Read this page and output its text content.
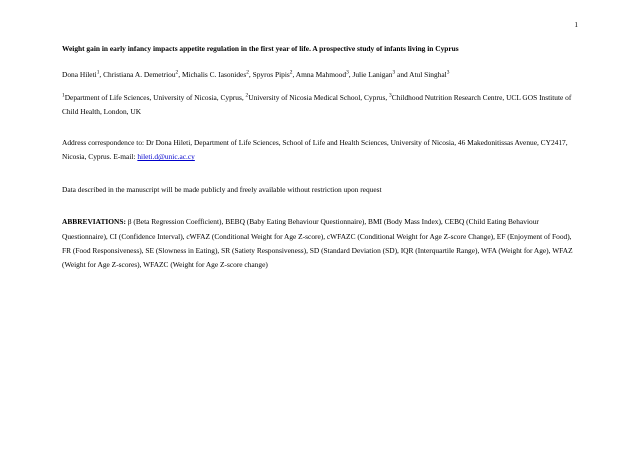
1

Weight gain in early infancy impacts appetite regulation in the first year of life. A prospective study of infants living in Cyprus

Dona Hileti$^1$, Christiana A. Demetriou$^2$, Michalis C. Iasonides$^2$, Spyros Pipis$^2$, Amna Mahmood$^3$, Julie Lanigan$^3$ and Atul Singhal$^3$

$^1$Department of Life Sciences, University of Nicosia, Cyprus, $^2$University of Nicosia Medical School, Cyprus, $^3$Childhood Nutrition Research Centre, UCL GOS Institute of Child Health, London, UK

Address correspondence to: Dr Dona Hileti, Department of Life Sciences, School of Life and Health Sciences, University of Nicosia, 46 Makedonitissas Avenue, CY2417, Nicosia, Cyprus. E-mail: hileti.d@unic.ac.cy

Data described in the manuscript will be made publicly and freely available without restriction upon request

ABBREVIATIONS: β (Beta Regression Coefficient), BEBQ (Baby Eating Behaviour Questionnaire), BMI (Body Mass Index), CEBQ (Child Eating Behaviour Questionnaire), CI (Confidence Interval), cWFAZ (Conditional Weight for Age Z-score), cWFAZC (Conditional Weight for Age Z-score Change), EF (Enjoyment of Food), FR (Food Responsiveness), SE (Slowness in Eating), SR (Satiety Responsiveness), SD (Standard Deviation (SD), IQR (Interquartile Range), WFA (Weight for Age), WFAZ (Weight for Age Z-scores), WFAZC (Weight for Age Z-score change)
